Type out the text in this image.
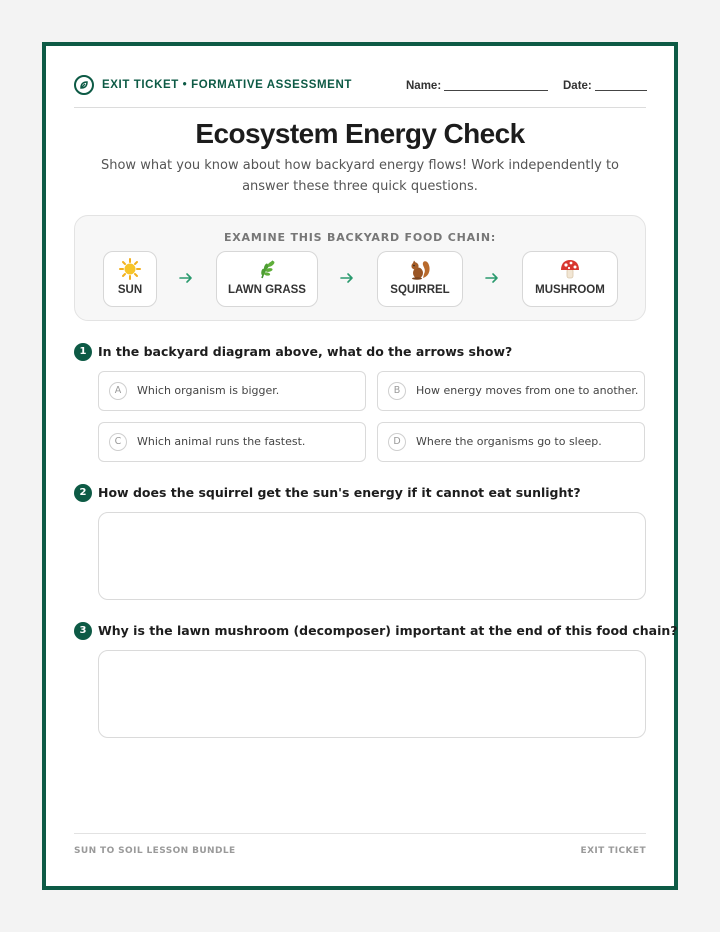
EXIT TICKET • FORMATIVE ASSESSMENT	Name:	Date:
Ecosystem Energy Check
Show what you know about how backyard energy flows! Work independently to answer these three quick questions.
EXAMINE THIS BACKYARD FOOD CHAIN:
SUN	LAWN GRASS	SQUIRREL	MUSHROOM
1 In the backyard diagram above, what do the arrows show?
A	Which organism is bigger.	B	How energy moves from one to another.
C	Which animal runs the fastest.	D	Where the organisms go to sleep.
2 How does the squirrel get the sun's energy if it cannot eat sunlight?
3 Why is the lawn mushroom (decomposer) important at the end of this food chain?
SUN TO SOIL LESSON BUNDLE	EXIT TICKET
